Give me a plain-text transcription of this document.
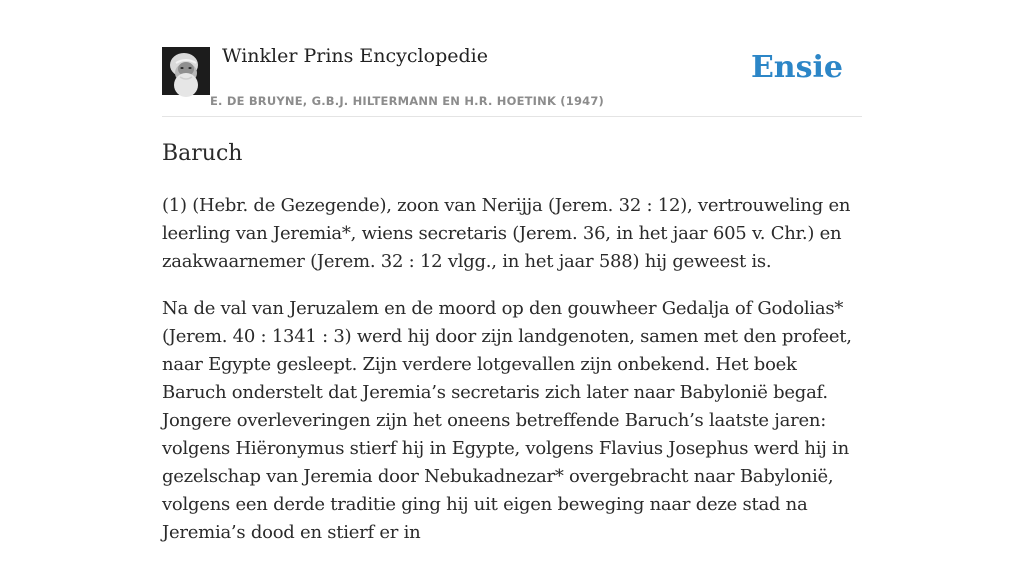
Winkler Prins Encyclopedie
E. DE BRUYNE, G.B.J. HILTERMANN EN H.R. HOETINK (1947)
Ensie
Baruch

(1) (Hebr. de Gezegende), zoon van Nerijja (Jerem. 32 : 12), vertrouweling en leerling van Jeremia*, wiens secretaris (Jerem. 36, in het jaar 605 v. Chr.) en zaakwaarnemer (Jerem. 32 : 12 vlgg., in het jaar 588) hij geweest is.

Na de val van Jeruzalem en de moord op den gouwheer Gedalja of Godolias* (Jerem. 40 : 1341 : 3) werd hij door zijn landgenoten, samen met den profeet, naar Egypte gesleept. Zijn verdere lotgevallen zijn onbekend. Het boek Baruch onderstelt dat Jeremia’s secretaris zich later naar Babylonië begaf. Jongere overleveringen zijn het oneens betreffende Baruch’s laatste jaren: volgens Hiëronymus stierf hij in Egypte, volgens Flavius Josephus werd hij in gezelschap van Jeremia door Nebukadnezar* overgebracht naar Babylonië, volgens een derde traditie ging hij uit eigen beweging naar deze stad na Jeremia’s dood en stierf er in
